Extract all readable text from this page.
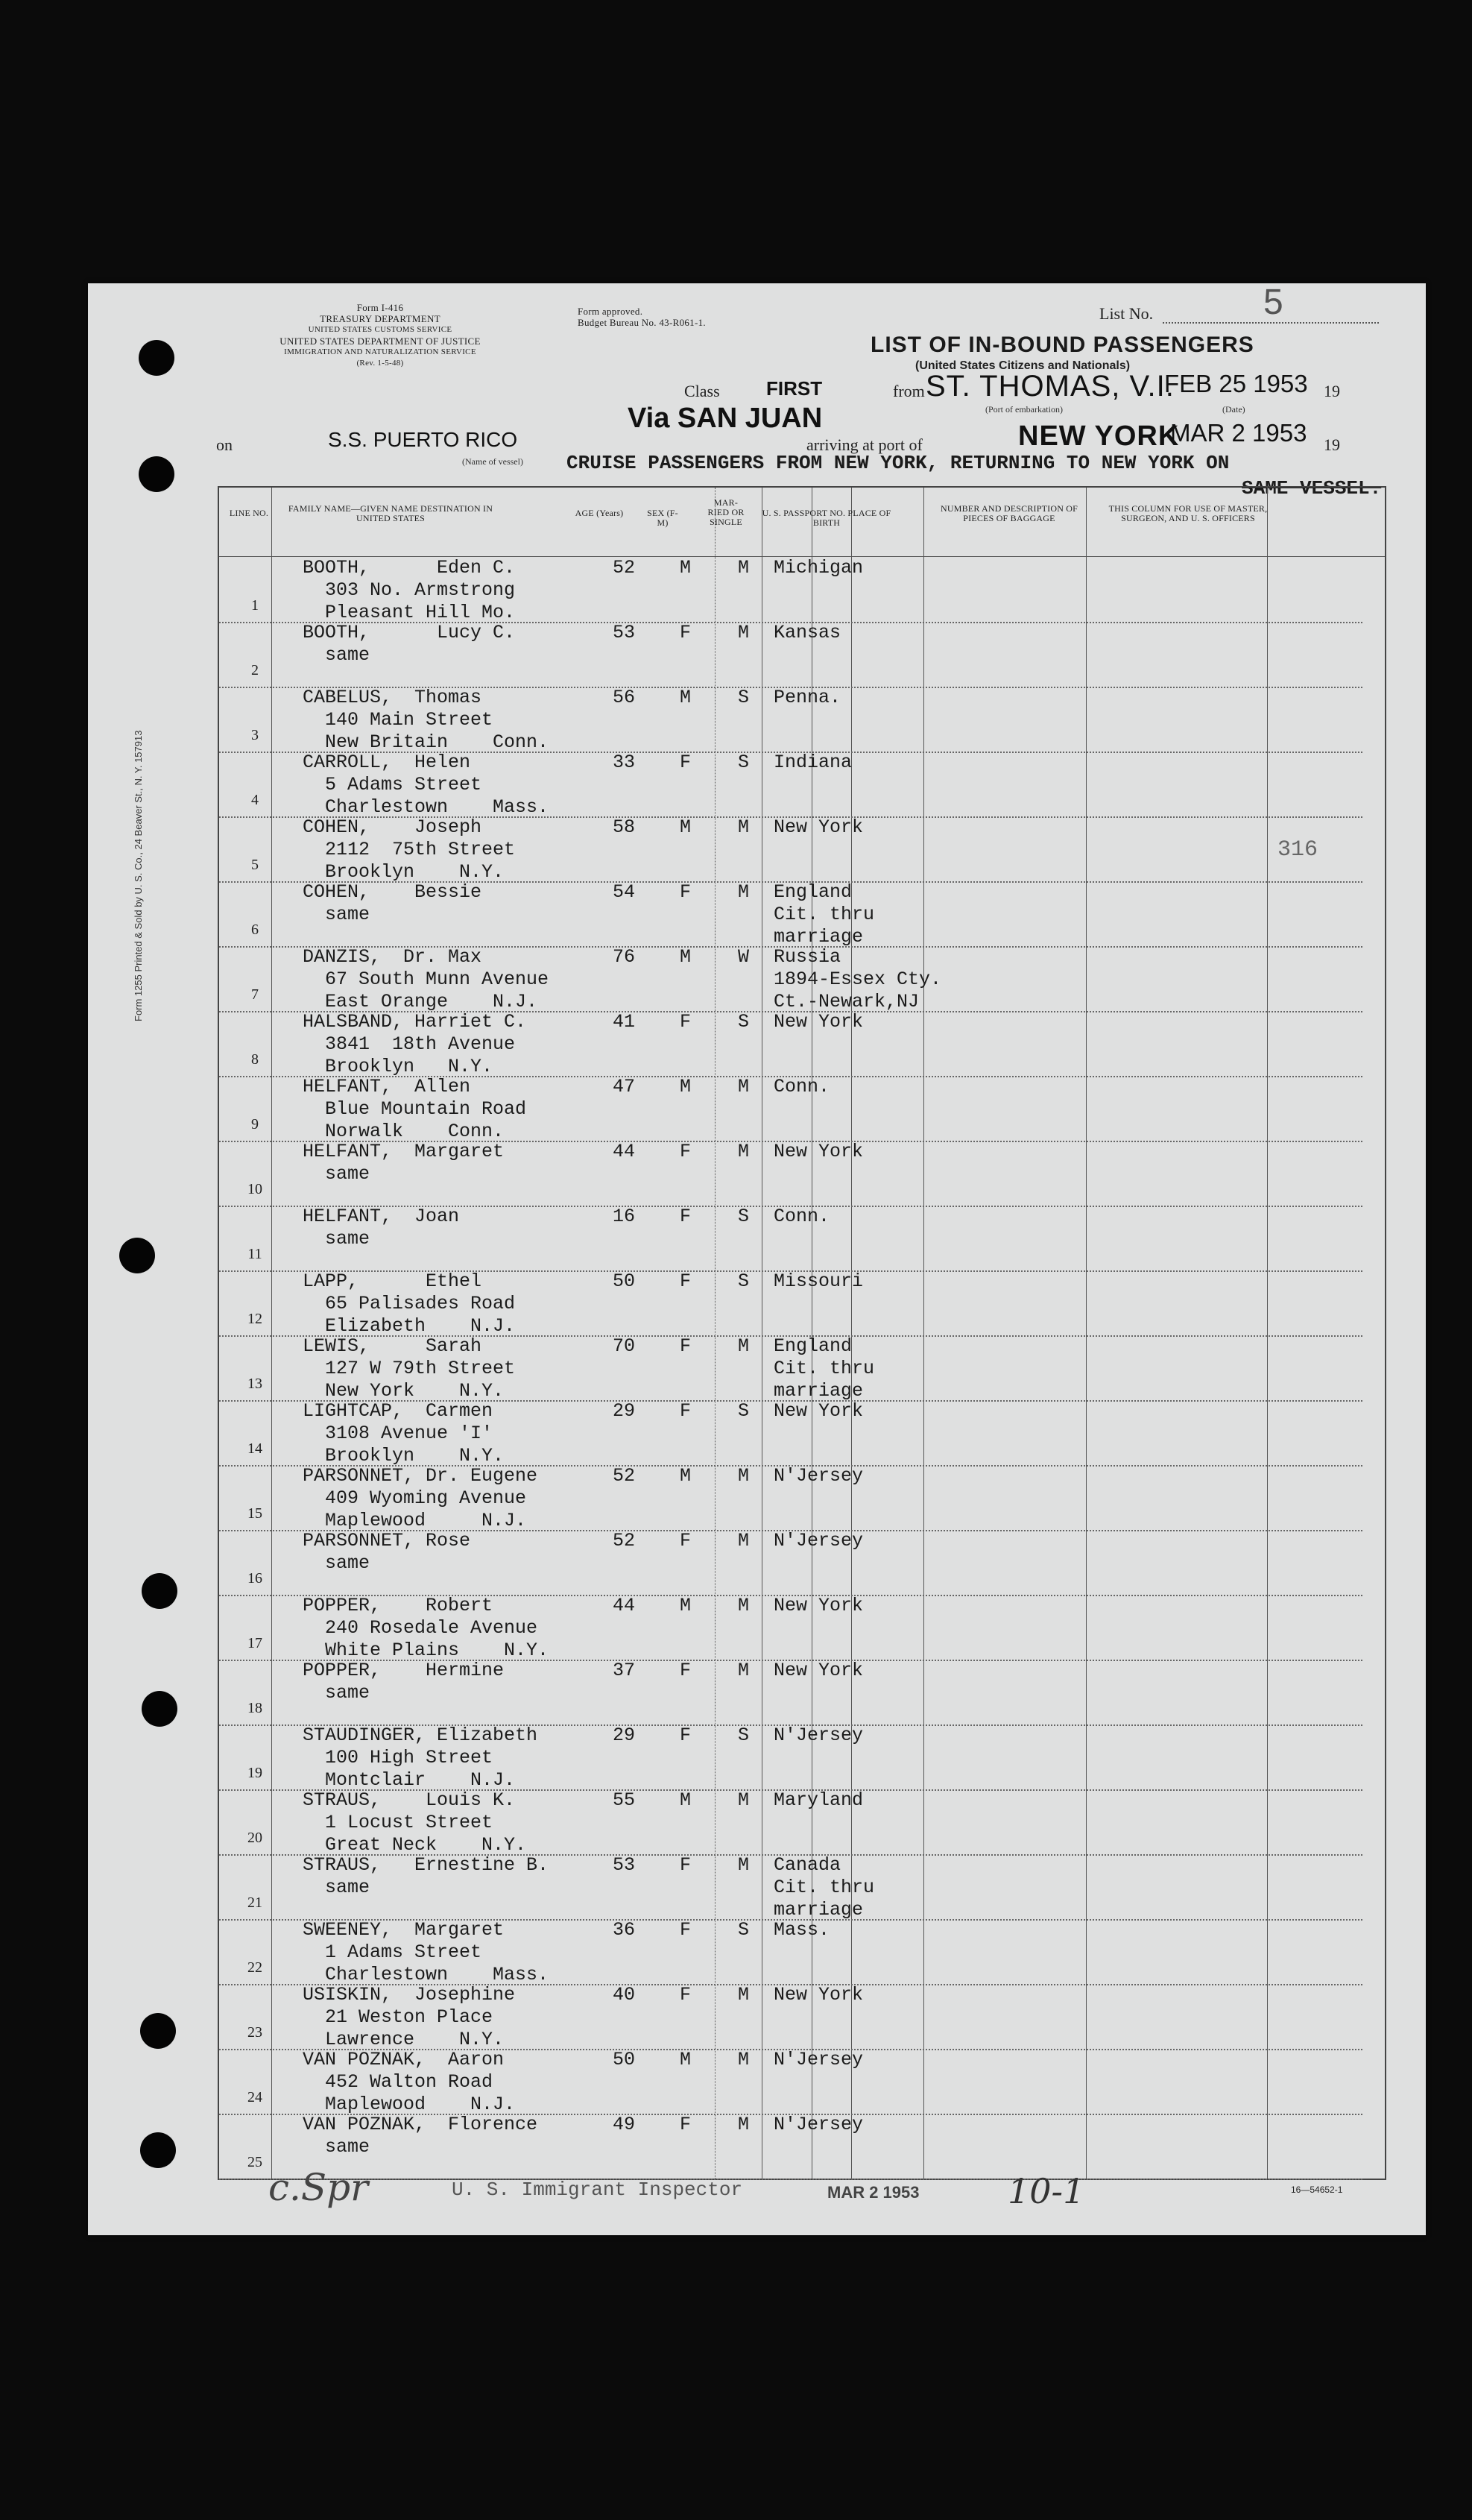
Form 1255 Printed & Sold by U. S. Co., 24 Beaver St., N. Y. 157913
Form I-416
TREASURY DEPARTMENT
UNITED STATES CUSTOMS SERVICE
UNITED STATES DEPARTMENT OF JUSTICE
IMMIGRATION AND NATURALIZATION SERVICE
(Rev. 1-5-48)
Form approved.
Budget Bureau No. 43-R061-1.	List No.	5
LIST OF IN-BOUND PASSENGERS
(United States Citizens and Nationals)
Class FIRST	from ST. THOMAS, V.I.
(Port of embarkation)
FEB 25 1953
(Date)
19
on	S.S. PUERTO RICO
(Name of vessel)
Via SAN JUAN
arriving at port of	NEW YORK
MAR 2 1953 19
CRUISE PASSENGERS FROM NEW YORK, RETURNING TO NEW YORK ON
SAME VESSEL.
LINE NO.	FAMILY NAME—GIVEN NAME DESTINATION IN UNITED STATES	AGE (Years)	SEX (F-M)
MAR-RIED OR SINGLE
U. S. PASSPORT NO. PLACE OF BIRTH
NUMBER AND DESCRIPTION OF PIECES OF BAGGAGE
THIS COLUMN FOR USE OF MASTER, SURGEON, AND U. S. OFFICERS
1
BOOTH,      Eden C.
303 No. Armstrong
Pleasant Hill Mo.
52 M	M Michigan
2
BOOTH,      Lucy C.
same
53 F	M Kansas
3
CABELUS,  Thomas
140 Main Street
New Britain    Conn.
56 M	S Penna.
4
CARROLL,  Helen
5 Adams Street
Charlestown    Mass.
33 F	S Indiana
5
COHEN,    Joseph
2112  75th Street
Brooklyn    N.Y.
58 M	M New York
316
6
COHEN,    Bessie
same
54 F	M England
Cit. thru
marriage
7
DANZIS,  Dr. Max
67 South Munn Avenue
East Orange    N.J.
76 M	W Russia
1894-Essex Cty.
Ct.-Newark,NJ
8
HALSBAND, Harriet C.
3841  18th Avenue
Brooklyn   N.Y.
41 F	S New York
9
HELFANT,  Allen
Blue Mountain Road
Norwalk    Conn.
47 M	M Conn.
10
HELFANT,  Margaret
same
44 F	M New York
11
HELFANT,  Joan
same
16 F	S Conn.
12
LAPP,      Ethel
65 Palisades Road
Elizabeth    N.J.
50 F	S Missouri
13
LEWIS,     Sarah
127 W 79th Street
New York    N.Y.
70 F	M England
Cit. thru
marriage
14
LIGHTCAP,  Carmen
3108 Avenue 'I'
Brooklyn    N.Y.
29 F	S New York
15
PARSONNET, Dr. Eugene
409 Wyoming Avenue
Maplewood     N.J.
52 M	M N'Jersey
16
PARSONNET, Rose
same
52 F	M N'Jersey
17
POPPER,    Robert
240 Rosedale Avenue
White Plains    N.Y.
44 M	M New York
18
POPPER,    Hermine
same
37 F	M New York
19
STAUDINGER, Elizabeth
100 High Street
Montclair    N.J.
29 F	S N'Jersey
20
STRAUS,    Louis K.
1 Locust Street
Great Neck    N.Y.
55 M	M Maryland
21
STRAUS,   Ernestine B.
same
53 F	M Canada
Cit. thru
marriage
22
SWEENEY,  Margaret
1 Adams Street
Charlestown    Mass.
36 F	S Mass.
23
USISKIN,  Josephine
21 Weston Place
Lawrence    N.Y.
40 F	M New York
24
VAN POZNAK,  Aaron
452 Walton Road
Maplewood    N.J.
50 M	M N'Jersey
25
VAN POZNAK,  Florence
same
49 F	M N'Jersey
c.Spr	U. S. Immigrant Inspector	MAR 2 1953	10-1	16—54652-1
